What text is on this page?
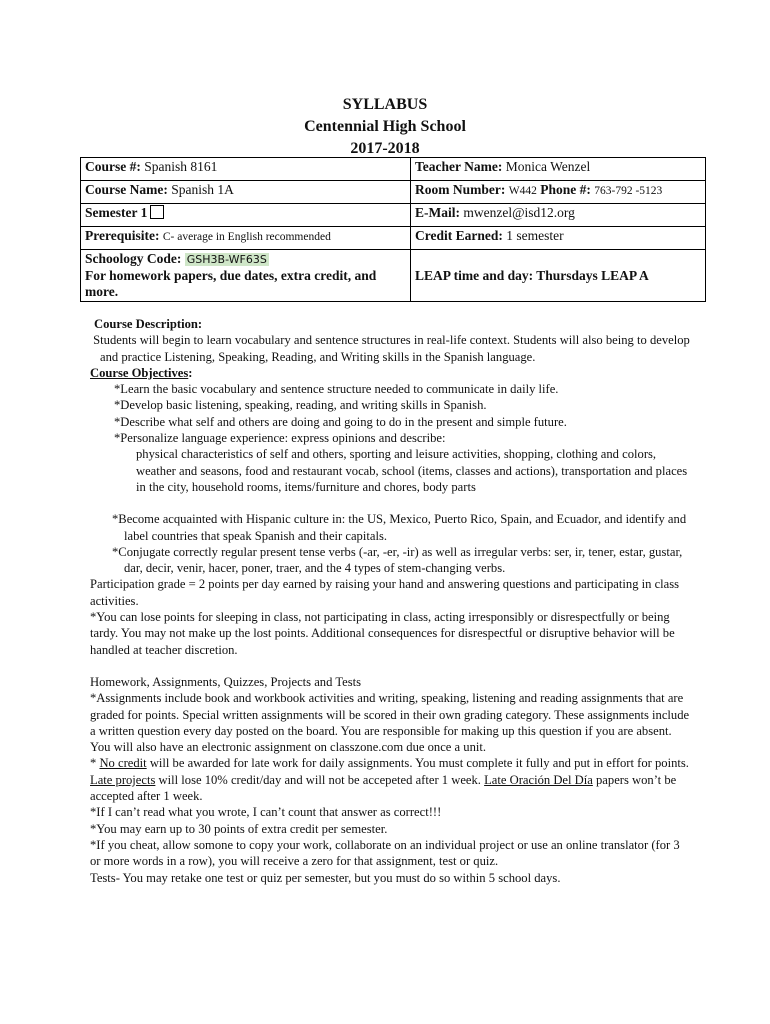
SYLLABUS
Centennial High School
2017-2018
Course #: Spanish 8161	Teacher Name: Monica Wenzel
Course Name: Spanish 1A	Room Number: W442 Phone #: 763-792 -5123
Semester 1	E-Mail: mwenzel@isd12.org
Prerequisite: C- average in English recommended	Credit Earned: 1 semester
Schoology Code: GSH3B-WF63S
For homework papers, due dates, extra credit, and more.	LEAP time and day: Thursdays LEAP A

Course Description:

Students will begin to learn vocabulary and sentence structures in real-life context. Students will also being to develop and practice Listening, Speaking, Reading, and Writing skills in the Spanish language.

Course Objectives:

*Learn the basic vocabulary and sentence structure needed to communicate in daily life.

*Develop basic listening, speaking, reading, and writing skills in Spanish.

*Describe what self and others are doing and going to do in the present and simple future.

*Personalize language experience: express opinions and describe:

physical characteristics of self and others, sporting and leisure activities, shopping, clothing and colors, weather and seasons, food and restaurant vocab, school (items, classes and actions), transportation and places in the city, household rooms, items/furniture and chores, body parts

*Become acquainted with Hispanic culture in: the US, Mexico, Puerto Rico, Spain, and Ecuador, and identify and label countries that speak Spanish and their capitals.

*Conjugate correctly regular present tense verbs (-ar, -er, -ir) as well as irregular verbs: ser, ir, tener, estar, gustar, dar, decir, venir, hacer, poner, traer, and the 4 types of stem-changing verbs.

Participation grade = 2 points per day earned by raising your hand and answering questions and participating in class activities.

*You can lose points for sleeping in class, not participating in class, acting irresponsibly or disrespectfully or being tardy. You may not make up the lost points. Additional consequences for disrespectful or disruptive behavior will be handled at teacher discretion.

Homework, Assignments, Quizzes, Projects and Tests

*Assignments include book and workbook activities and writing, speaking, listening and reading assignments that are graded for points. Special written assignments will be scored in their own grading category. These assignments include a written question every day posted on the board. You are responsible for making up this question if you are absent. You will also have an electronic assignment on classzone.com due once a unit.

* No credit will be awarded for late work for daily assignments. You must complete it fully and put in effort for points. Late projects will lose 10% credit/day and will not be accepeted after 1 week. Late Oración Del Día papers won’t be accepted after 1 week.

*If I can’t read what you wrote, I can’t count that answer as correct!!!

*You may earn up to 30 points of extra credit per semester.

*If you cheat, allow somone to copy your work, collaborate on an individual project or use an online translator (for 3 or more words in a row), you will receive a zero for that assignment, test or quiz.

Tests- You may retake one test or quiz per semester, but you must do so within 5 school days.
